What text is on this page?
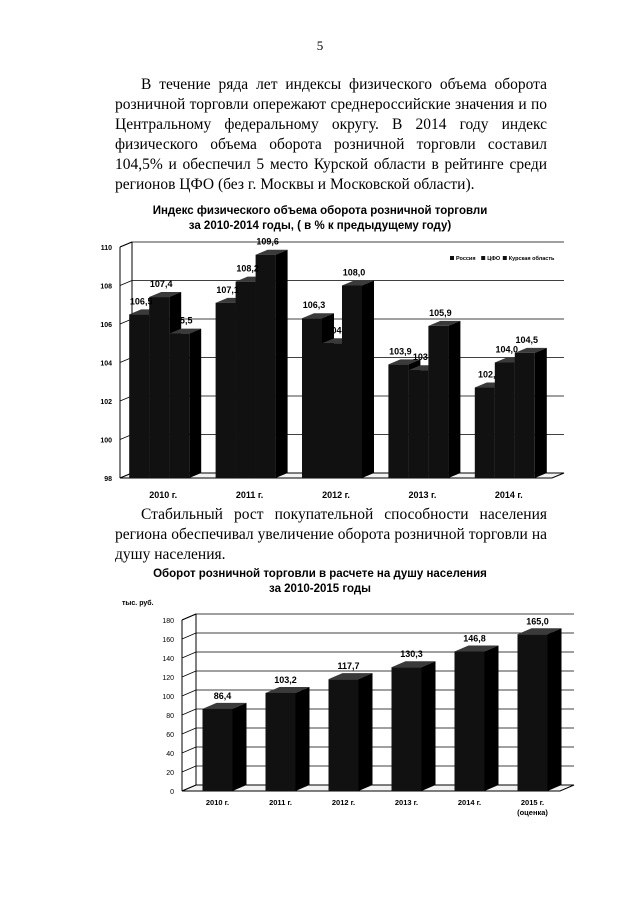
5
В течение ряда лет индексы физического объема оборота розничной торговли опережают среднероссийские значения и по Центральному федеральному округу. В 2014 году индекс физического объема оборота розничной торговли составил 104,5% и обеспечил 5 место Курской области в рейтинге среди регионов ЦФО (без г. Москвы и Московской области).
Индекс физического объема оборота розничной торговли
за 2010-2014 годы, ( в % к предыдущему году)
98
100
102
104
106
108
110
2010 г.	2011 г.	2012 г.	2013 г.	2014 г.
106,5
107,4
105,5
107,1
108,2
109,6
106,3
104
108,0
103,9
103
105,9
102,
104,0
104,5
Россия ЦФО Курская область
Стабильный рост покупательной способности населения региона обеспечивал увеличение оборота розничной торговли на душу населения.
Оборот розничной торговли в расчете на душу населения
за 2010-2015 годы
тыс. руб.
0
20
40
60
80
100
120
140
160
180
86,4
2010 г.
103,2
2011 г.
117,7
2012 г.
130,3
2013 г.
146,8
2014 г.
165,0
2015 г.
(оценка)
